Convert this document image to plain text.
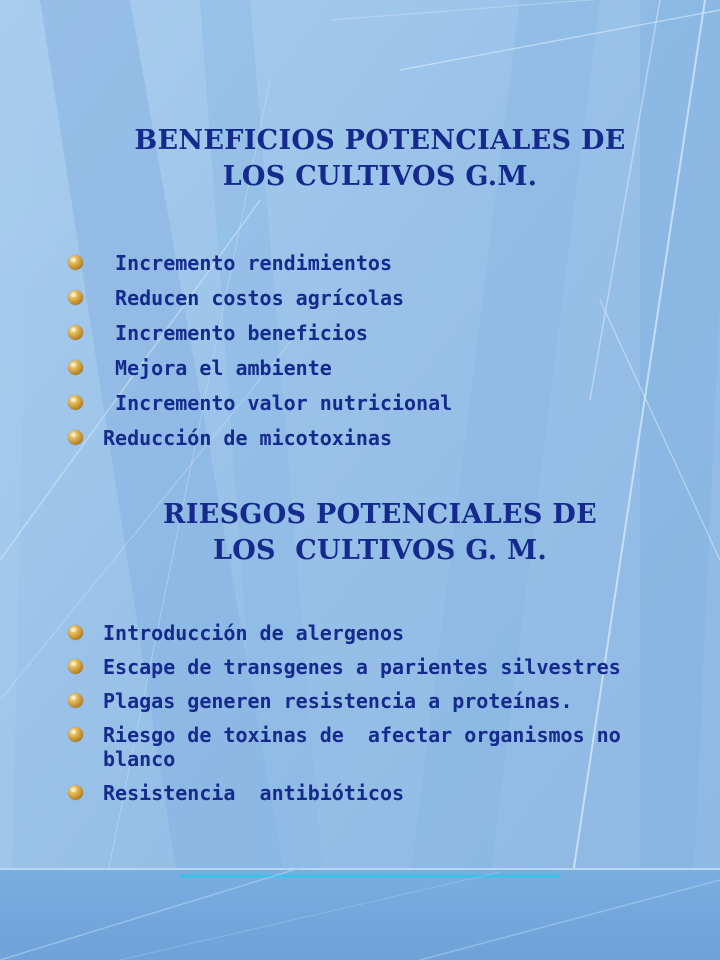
BENEFICIOS POTENCIALES DE
LOS CULTIVOS G.M.
Incremento rendimientos
Reducen costos agrícolas
Incremento beneficios
Mejora el ambiente
Incremento valor nutricional
Reducción de micotoxinas
RIESGOS POTENCIALES DE
LOS  CULTIVOS G. M.
Introducción de alergenos
Escape de transgenes a parientes silvestres
Plagas generen resistencia a proteínas.
Riesgo de toxinas de  afectar organismos no blanco
Resistencia  antibióticos
